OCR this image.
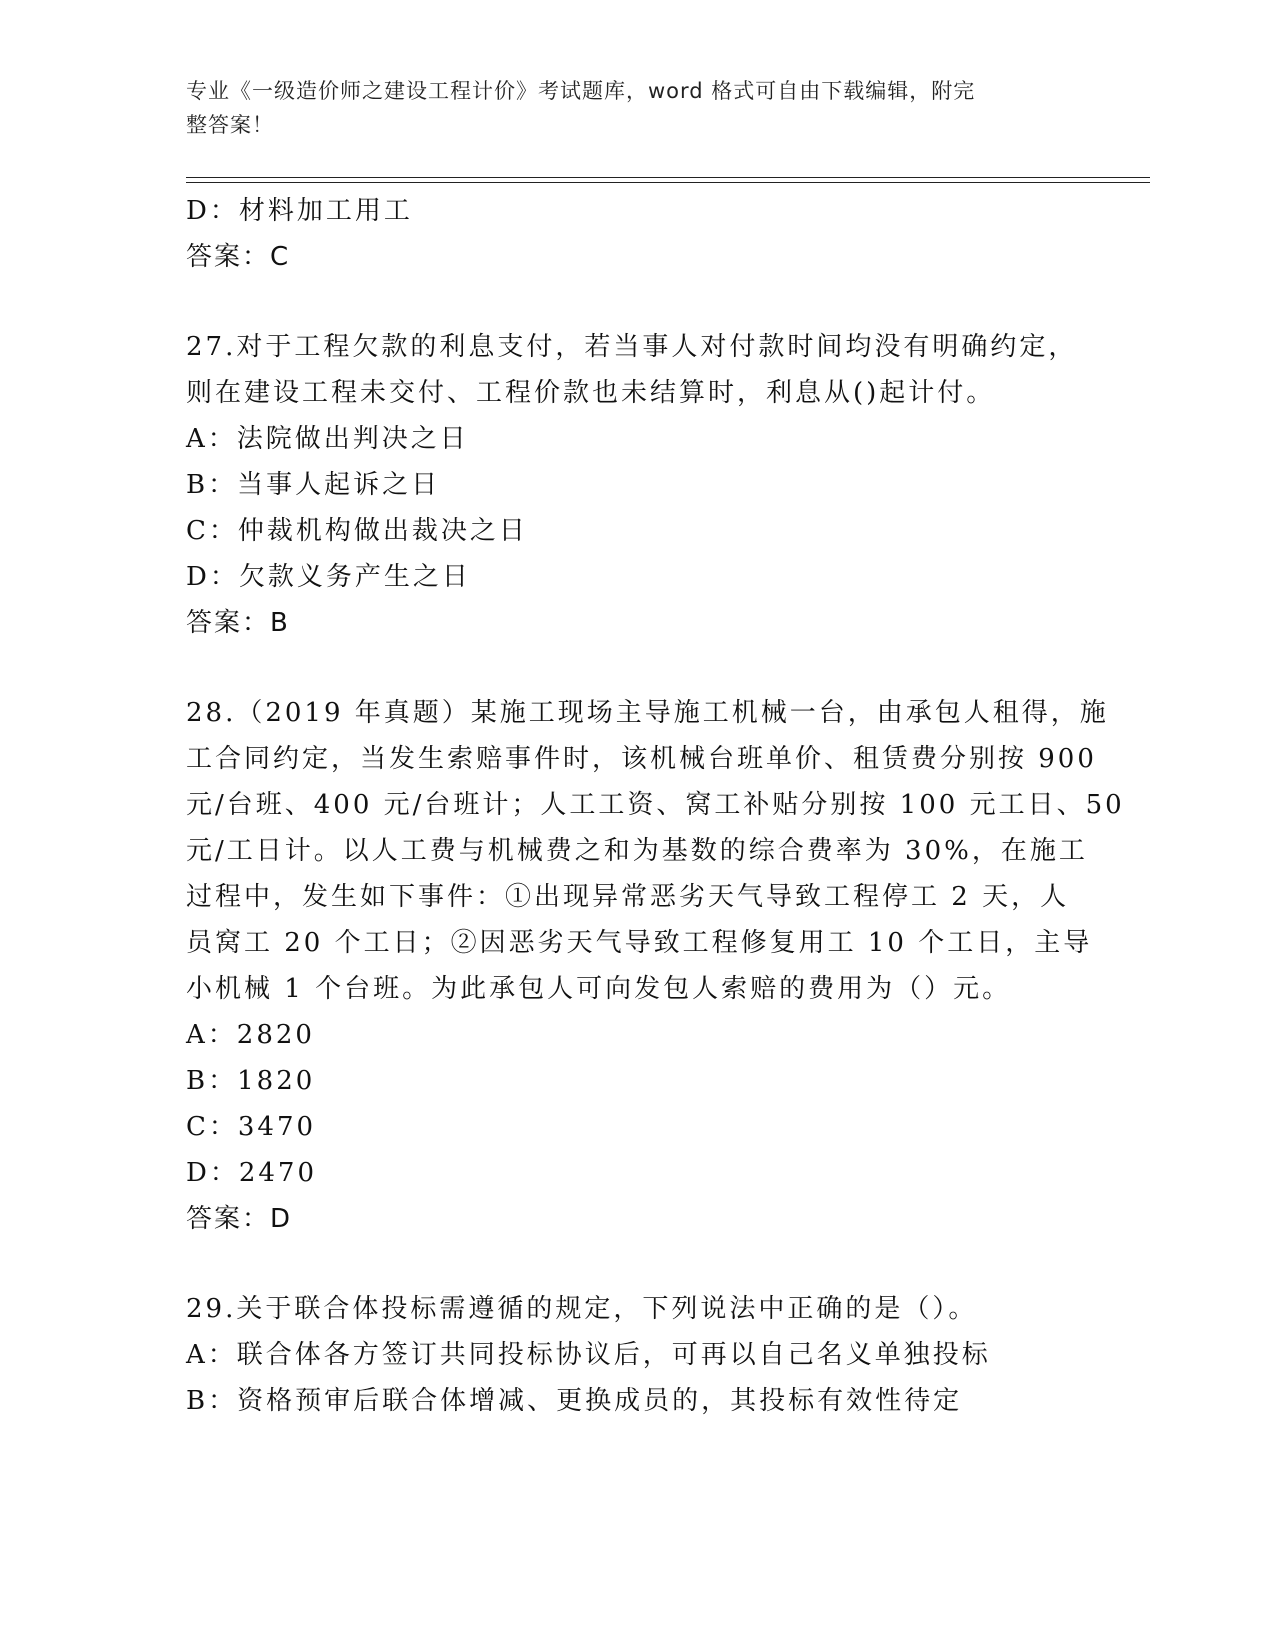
专业《一级造价师之建设工程计价》考试题库，word 格式可自由下载编辑，附完
整答案！
D：材料加工用工
答案：C
27.对于工程欠款的利息支付，若当事人对付款时间均没有明确约定，
则在建设工程未交付、工程价款也未结算时，利息从()起计付。
A：法院做出判决之日
B：当事人起诉之日
C：仲裁机构做出裁决之日
D：欠款义务产生之日
答案：B
28.（2019 年真题）某施工现场主导施工机械一台，由承包人租得，施
工合同约定，当发生索赔事件时，该机械台班单价、租赁费分别按 900
元/台班、400 元/台班计；人工工资、窝工补贴分别按 100 元工日、50
元/工日计。以人工费与机械费之和为基数的综合费率为 30%，在施工
过程中，发生如下事件：①出现异常恶劣天气导致工程停工 2 天，人
员窝工 20 个工日；②因恶劣天气导致工程修复用工 10 个工日，主导
小机械 1 个台班。为此承包人可向发包人索赔的费用为（）元。
A：2820
B：1820
C：3470
D：2470
答案：D
29.关于联合体投标需遵循的规定，下列说法中正确的是（）。
A：联合体各方签订共同投标协议后，可再以自己名义单独投标
B：资格预审后联合体增减、更换成员的，其投标有效性待定
